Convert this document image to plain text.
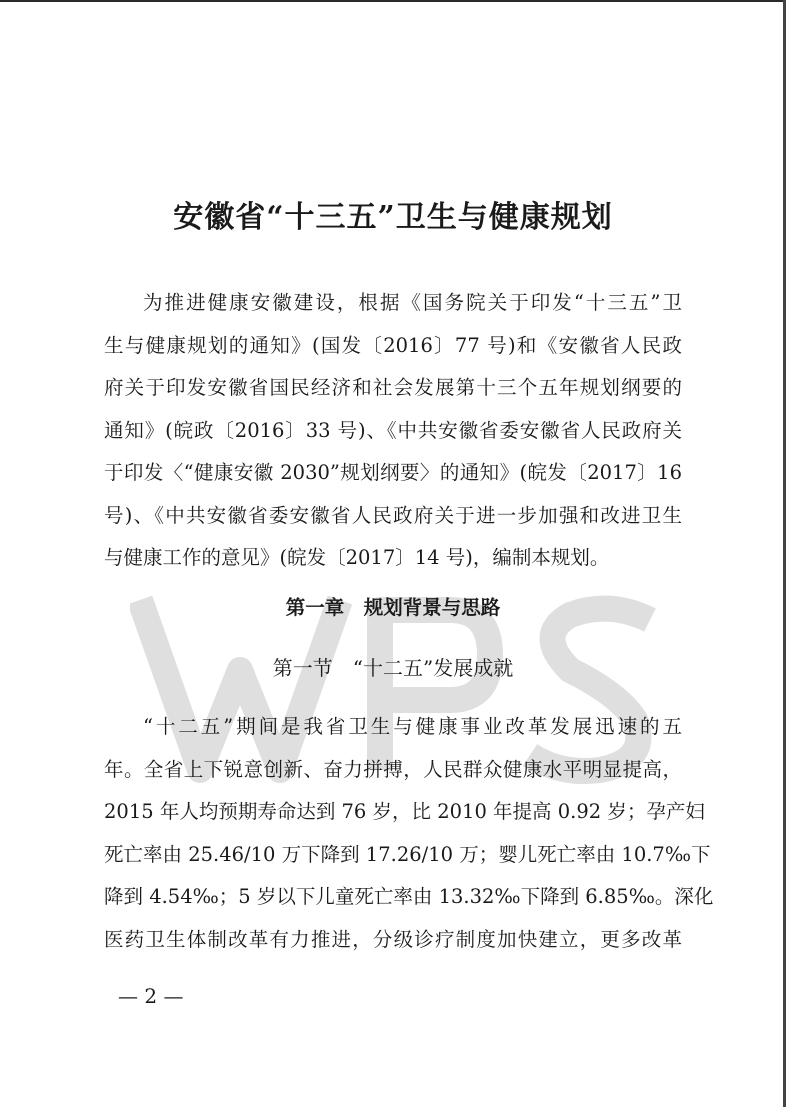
安徽省“十三五”卫生与健康规划
为推进健康安徽建设，根据《国务院关于印发“十三五”卫
生与健康规划的通知》(国发〔2016〕77 号)和《安徽省人民政
府关于印发安徽省国民经济和社会发展第十三个五年规划纲要的
通知》(皖政〔2016〕33 号)、《中共安徽省委安徽省人民政府关
于印发〈“健康安徽 2030”规划纲要〉的通知》(皖发〔2017〕16
号)、《中共安徽省委安徽省人民政府关于进一步加强和改进卫生
与健康工作的意见》(皖发〔2017〕14 号)，编制本规划。
第一章　规划背景与思路
第一节　“十二五”发展成就
“十二五”期间是我省卫生与健康事业改革发展迅速的五
年。全省上下锐意创新、奋力拼搏，人民群众健康水平明显提高，
2015 年人均预期寿命达到 76 岁，比 2010 年提高 0.92 岁；孕产妇
死亡率由 25.46/10 万下降到 17.26/10 万；婴儿死亡率由 10.7‰下
降到 4.54‰；5 岁以下儿童死亡率由 13.32‰下降到 6.85‰。深化
医药卫生体制改革有力推进，分级诊疗制度加快建立，更多改革
— 2 —
